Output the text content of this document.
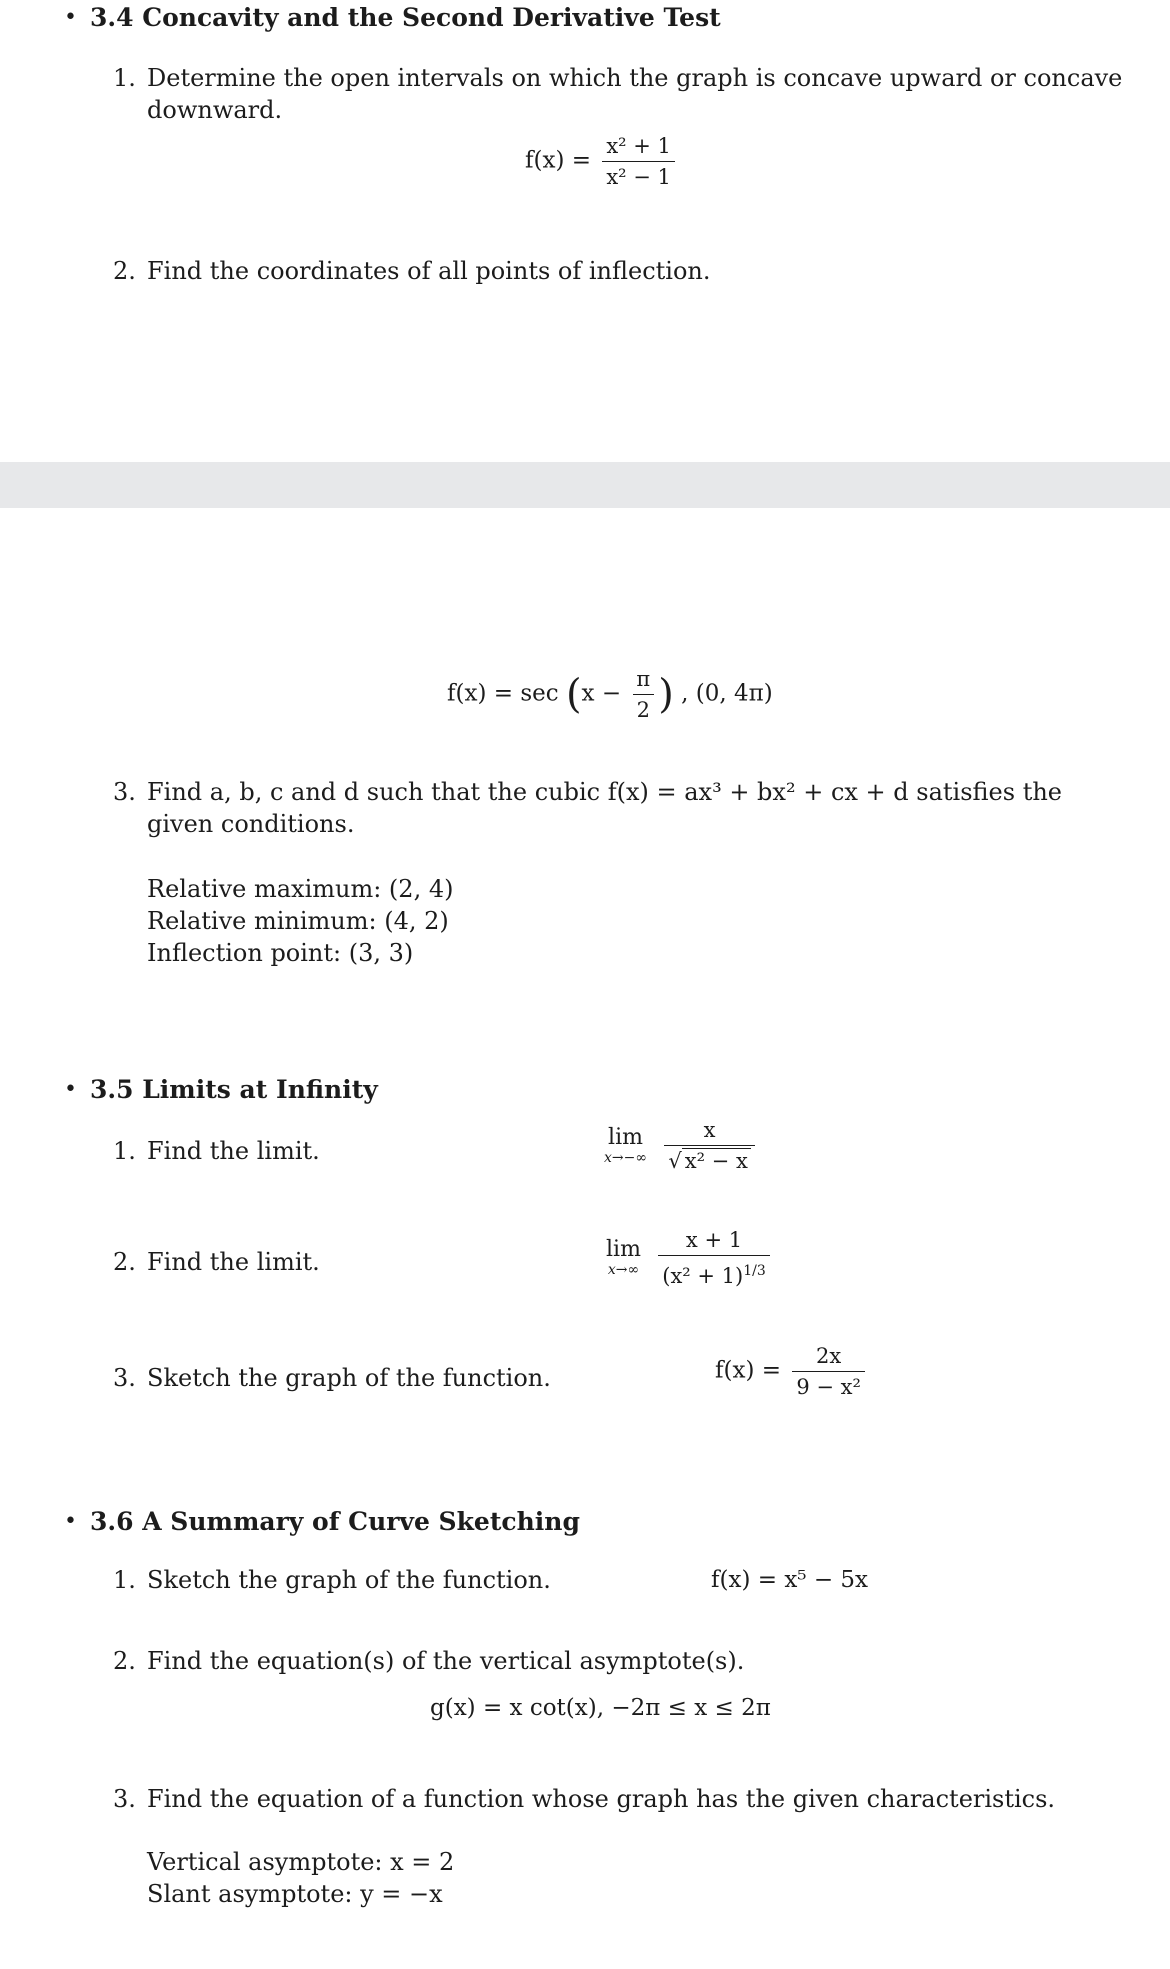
• 3.4 Concavity and the Second Derivative Test
1. Determine the open intervals on which the graph is concave upward or concave
downward.
$f(x) = \frac{\text{x² + 1}}{\text{x² − 1}}$
2. Find the coordinates of all points of inflection.
$f(x) = \sec (x - \frac{\pi}{2}$ ) , (0, 4π)
3. Find a, b, c and d such that the cubic f(x) = ax³ + bx² + cx + d satisfies the
given conditions.
Relative maximum: (2, 4)
Relative minimum: (4, 2)
Inflection point: (3, 3)
• 3.5 Limits at Infinity
1. Find the limit.	lim
x→−∞
$\frac{x}{\text{√ x² − x}}$
2. Find the limit.	lim
x→∞
$\frac{x + 1}{(x^2 + 1)^{1/3}}$
3. Sketch the graph of the function.	$f(x) = \frac{2x}{\text{9 − x²}}$
• 3.6 A Summary of Curve Sketching
1. Sketch the graph of the function.	f(x) = x⁵ − 5x
2. Find the equation(s) of the vertical asymptote(s).
g(x) = x cot(x), −2π ≤ x ≤ 2π
3. Find the equation of a function whose graph has the given characteristics.
Vertical asymptote: x = 2
Slant asymptote: y = −x
